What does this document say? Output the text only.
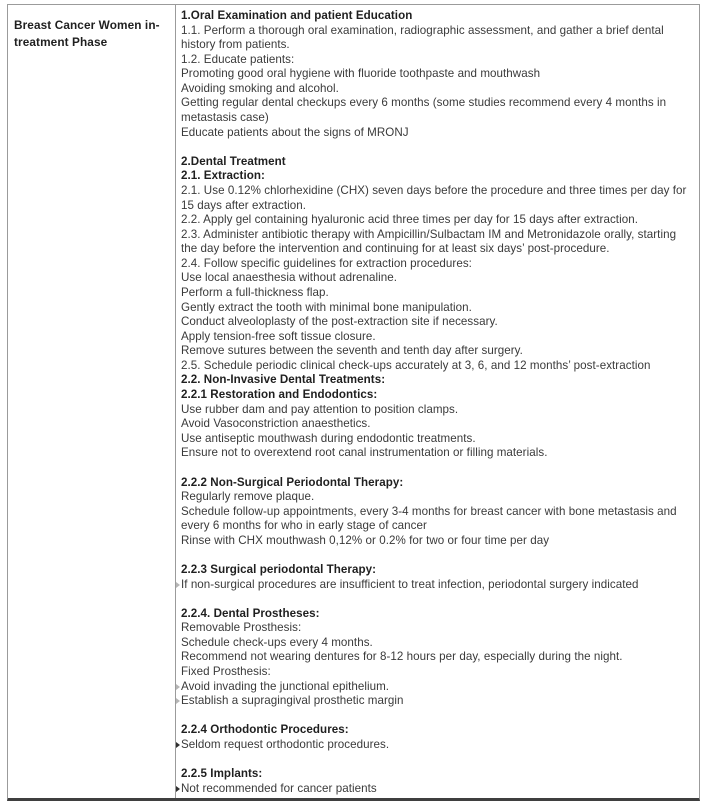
Breast Cancer Women in-treatment Phase
1.Oral Examination and patient Education
1.1. Perform a thorough oral examination, radiographic assessment, and gather a brief dental
history from patients.
1.2. Educate patients:
Promoting good oral hygiene with fluoride toothpaste and mouthwash
Avoiding smoking and alcohol.
Getting regular dental checkups every 6 months (some studies recommend every 4 months in
metastasis case)
Educate patients about the signs of MRONJ
2.Dental Treatment
2.1. Extraction:
2.1. Use 0.12% chlorhexidine (CHX) seven days before the procedure and three times per day for
15 days after extraction.
2.2. Apply gel containing hyaluronic acid three times per day for 15 days after extraction.
2.3. Administer antibiotic therapy with Ampicillin/Sulbactam IM and Metronidazole orally, starting
the day before the intervention and continuing for at least six days’ post-procedure.
2.4. Follow specific guidelines for extraction procedures:
Use local anaesthesia without adrenaline.
Perform a full-thickness flap.
Gently extract the tooth with minimal bone manipulation.
Conduct alveoloplasty of the post-extraction site if necessary.
Apply tension-free soft tissue closure.
Remove sutures between the seventh and tenth day after surgery.
2.5. Schedule periodic clinical check-ups accurately at 3, 6, and 12 months’ post-extraction
2.2. Non-Invasive Dental Treatments:
2.2.1 Restoration and Endodontics:
Use rubber dam and pay attention to position clamps.
Avoid Vasoconstriction anaesthetics.
Use antiseptic mouthwash during endodontic treatments.
Ensure not to overextend root canal instrumentation or filling materials.
2.2.2 Non-Surgical Periodontal Therapy:
Regularly remove plaque.
Schedule follow-up appointments, every 3-4 months for breast cancer with bone metastasis and
every 6 months for who in early stage of cancer
Rinse with CHX mouthwash 0,12% or 0.2% for two or four time per day
2.2.3 Surgical periodontal Therapy:
If non-surgical procedures are insufficient to treat infection, periodontal surgery indicated
2.2.4. Dental Prostheses:
Removable Prosthesis:
Schedule check-ups every 4 months.
Recommend not wearing dentures for 8-12 hours per day, especially during the night.
Fixed Prosthesis:
Avoid invading the junctional epithelium.
Establish a supragingival prosthetic margin
2.2.4 Orthodontic Procedures:
Seldom request orthodontic procedures.
2.2.5 Implants:
Not recommended for cancer patients
